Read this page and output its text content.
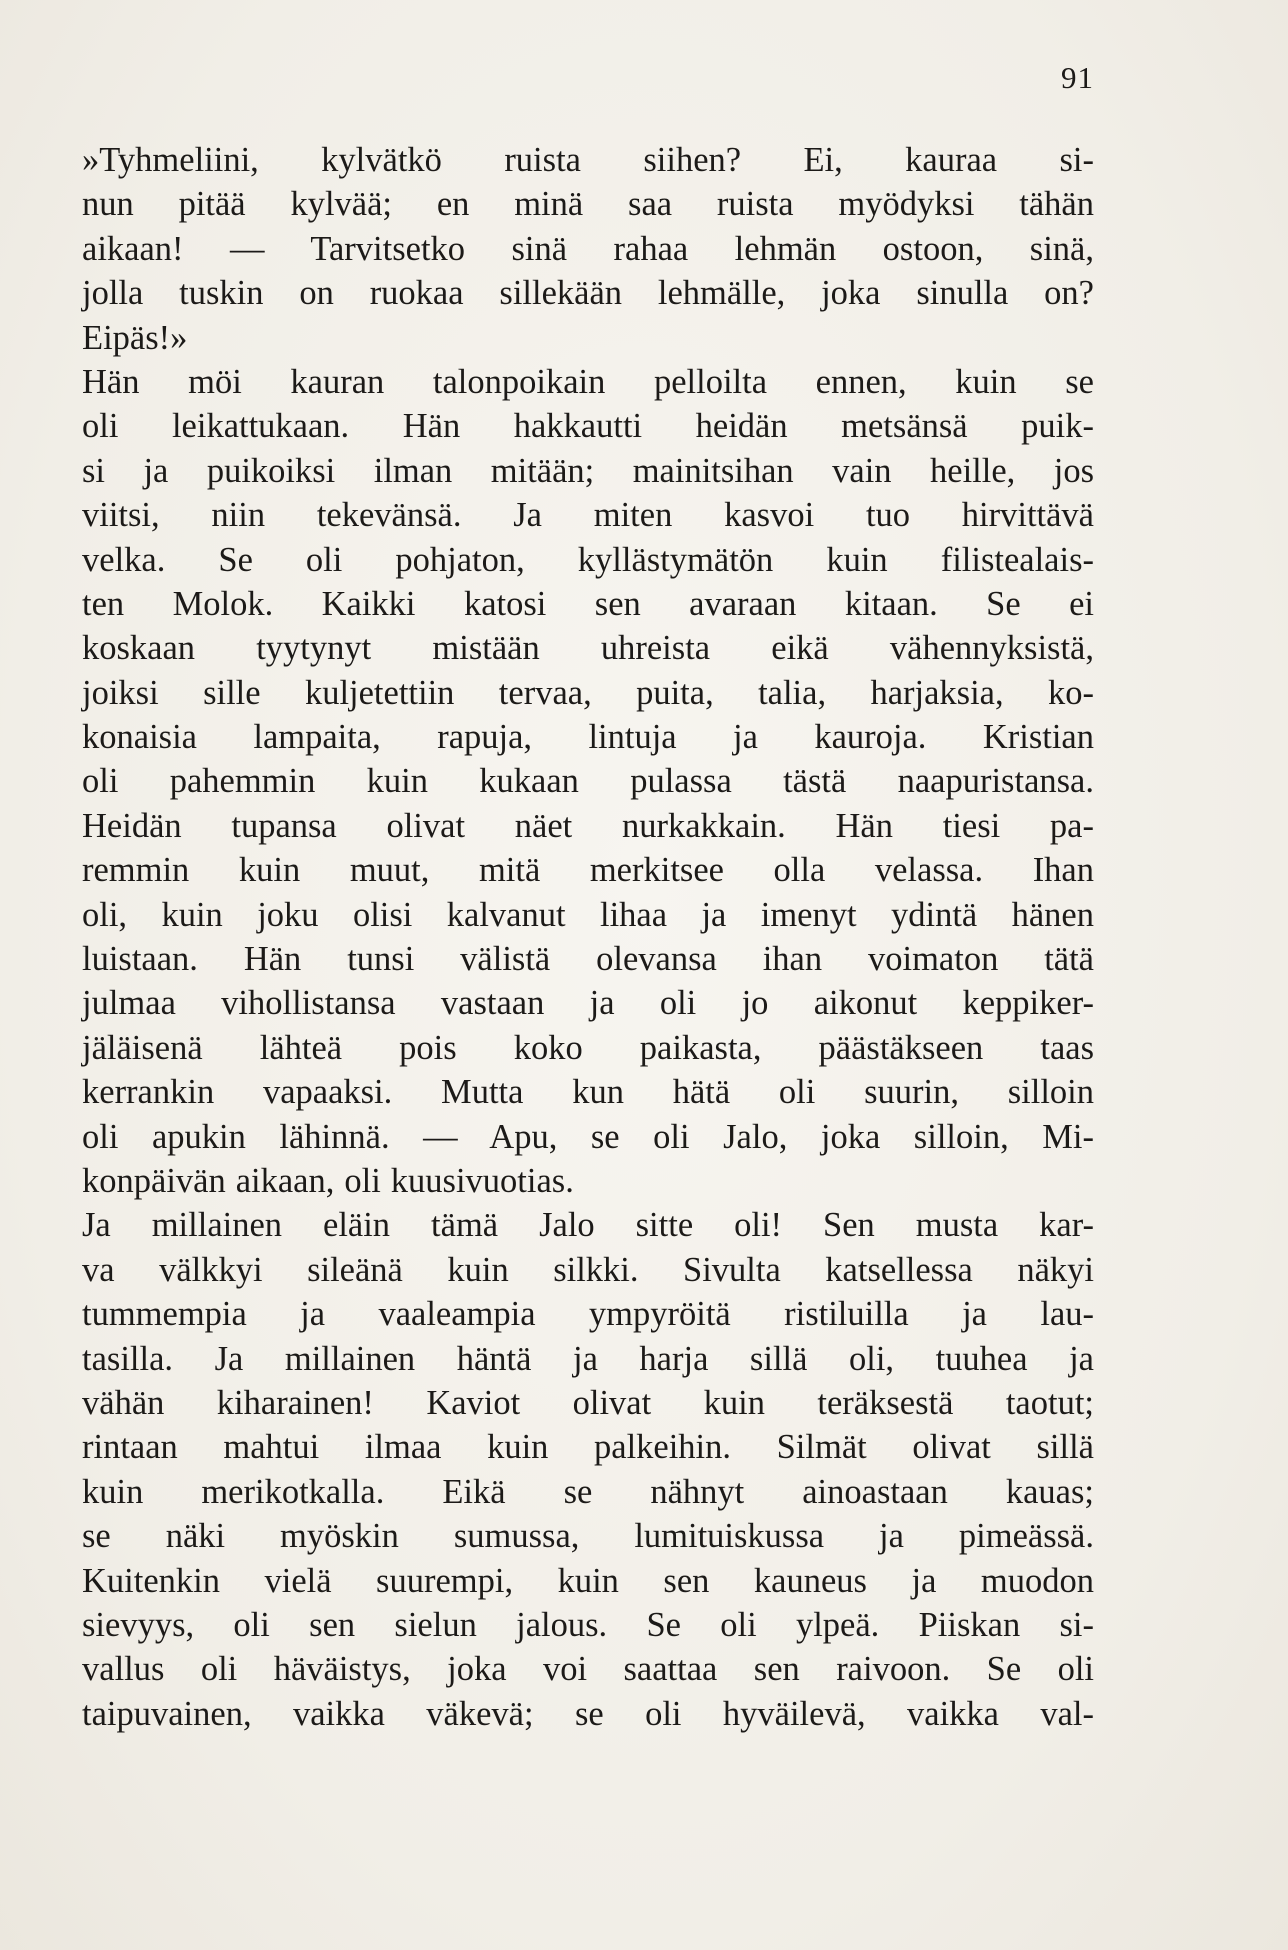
91
»Tyhmeliini, kylvätkö ruista siihen? Ei, kauraa si-
nun pitää kylvää; en minä saa ruista myödyksi tähän
aikaan! — Tarvitsetko sinä rahaa lehmän ostoon, sinä,
jolla tuskin on ruokaa sillekään lehmälle, joka sinulla on?
Eipäs!»
Hän möi kauran talonpoikain pelloilta ennen, kuin se
oli leikattukaan. Hän hakkautti heidän metsänsä puik-
si ja puikoiksi ilman mitään; mainitsihan vain heille, jos
viitsi, niin tekevänsä. Ja miten kasvoi tuo hirvittävä
velka. Se oli pohjaton, kyllästymätön kuin filistealais-
ten Molok. Kaikki katosi sen avaraan kitaan. Se ei
koskaan tyytynyt mistään uhreista eikä vähennyksistä,
joiksi sille kuljetettiin tervaa, puita, talia, harjaksia, ko-
konaisia lampaita, rapuja, lintuja ja kauroja. Kristian
oli pahemmin kuin kukaan pulassa tästä naapuristansa.
Heidän tupansa olivat näet nurkakkain. Hän tiesi pa-
remmin kuin muut, mitä merkitsee olla velassa. Ihan
oli, kuin joku olisi kalvanut lihaa ja imenyt ydintä hänen
luistaan. Hän tunsi välistä olevansa ihan voimaton tätä
julmaa vihollistansa vastaan ja oli jo aikonut keppiker-
jäläisenä lähteä pois koko paikasta, päästäkseen taas
kerrankin vapaaksi. Mutta kun hätä oli suurin, silloin
oli apukin lähinnä. — Apu, se oli Jalo, joka silloin, Mi-
konpäivän aikaan, oli kuusivuotias.
Ja millainen eläin tämä Jalo sitte oli! Sen musta kar-
va välkkyi sileänä kuin silkki. Sivulta katsellessa näkyi
tummempia ja vaaleampia ympyröitä ristiluilla ja lau-
tasilla. Ja millainen häntä ja harja sillä oli, tuuhea ja
vähän kiharainen! Kaviot olivat kuin teräksestä taotut;
rintaan mahtui ilmaa kuin palkeihin. Silmät olivat sillä
kuin merikotkalla. Eikä se nähnyt ainoastaan kauas;
se näki myöskin sumussa, lumituiskussa ja pimeässä.
Kuitenkin vielä suurempi, kuin sen kauneus ja muodon
sievyys, oli sen sielun jalous. Se oli ylpeä. Piiskan si-
vallus oli häväistys, joka voi saattaa sen raivoon. Se oli
taipuvainen, vaikka väkevä; se oli hyväilevä, vaikka val-
